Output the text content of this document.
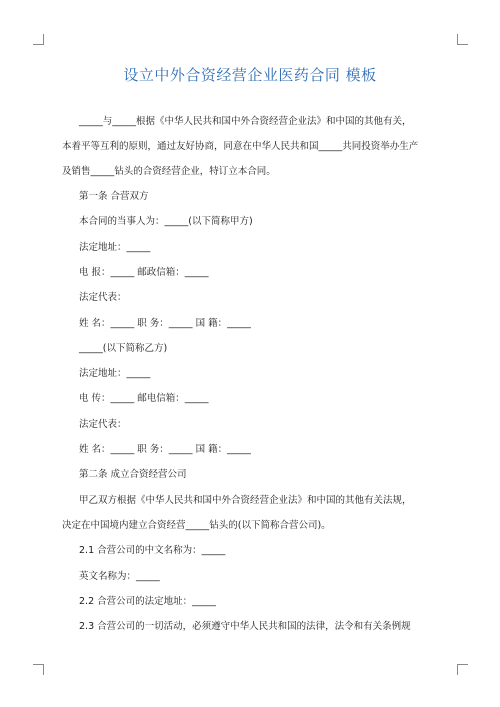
设立中外合资经营企业医药合同 模板
_____与_____根据《中华人民共和国中外合资经营企业法》和中国的其他有关，
本着平等互利的原则，通过友好协商，同意在中华人民共和国_____共同投资举办生产
及销售_____钻头的合资经营企业，特订立本合同。
第一条 合营双方
本合同的当事人为：_____(以下简称甲方)
法定地址：_____
电 报：_____ 邮政信箱：_____
法定代表：
姓 名：_____ 职 务：_____ 国 籍：_____
_____(以下简称乙方)
法定地址：_____
电 传：_____ 邮电信箱：_____
法定代表：
姓 名：_____ 职 务：_____ 国 籍：_____
第二条 成立合资经营公司
甲乙双方根据《中华人民共和国中外合资经营企业法》和中国的其他有关法规，
决定在中国境内建立合资经营_____钻头的(以下简称合营公司)。
2.1 合营公司的中文名称为：_____
英文名称为：_____
2.2 合营公司的法定地址：_____
2.3 合营公司的一切活动，必须遵守中华人民共和国的法律，法令和有关条例规
